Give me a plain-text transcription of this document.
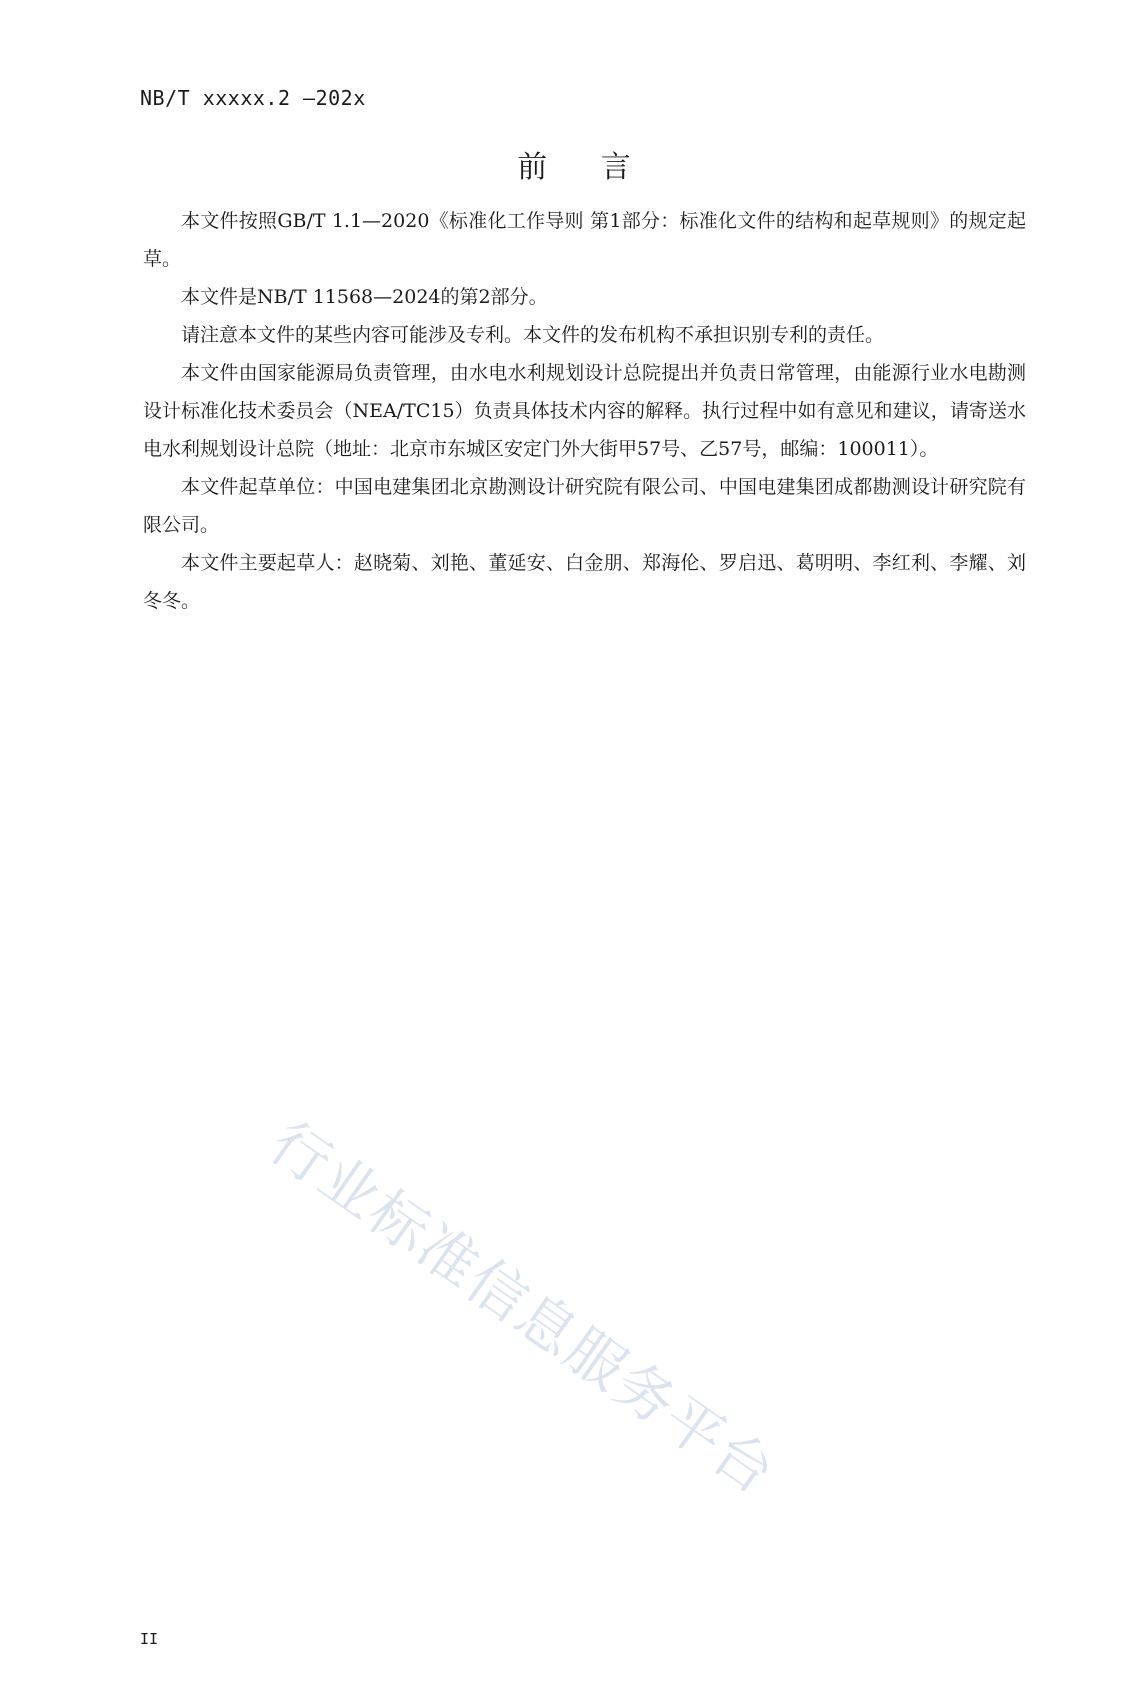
NB/T xxxxx.2 —202x
前 言

本文件按照GB/T 1.1—2020《标准化工作导则 第1部分：标准化文件的结构和起草规则》的规定起草。

本文件是NB/T 11568—2024的第2部分。

请注意本文件的某些内容可能涉及专利。本文件的发布机构不承担识别专利的责任。

本文件由国家能源局负责管理，由水电水利规划设计总院提出并负责日常管理，由能源行业水电勘测设计标准化技术委员会（NEA/TC15）负责具体技术内容的解释。执行过程中如有意见和建议，请寄送水电水利规划设计总院（地址：北京市东城区安定门外大街甲57号、乙57号，邮编：100011）。

本文件起草单位：中国电建集团北京勘测设计研究院有限公司、中国电建集团成都勘测设计研究院有限公司。

本文件主要起草人：赵晓菊、刘艳、董延安、白金朋、郑海伦、罗启迅、葛明明、李红利、李耀、刘冬冬。

行业标准信息服务平台
II
